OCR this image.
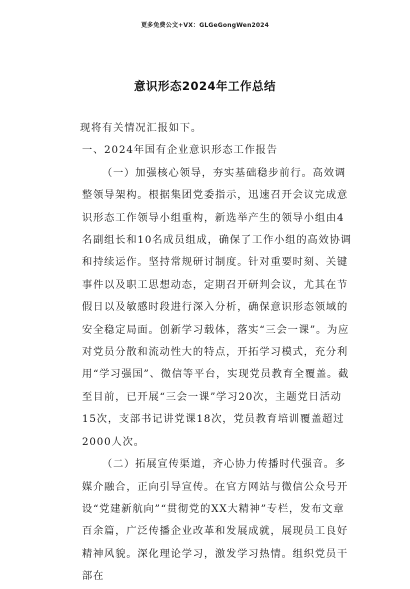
更多免费公文+VX：GLGeGongWen2024
意识形态2024年工作总结

现将有关情况汇报如下。

一、2024年国有企业意识形态工作报告

（一）加强核心领导，夯实基础稳步前行。高效调整领导架构。根据集团党委指示，迅速召开会议完成意识形态工作领导小组重构，新选举产生的领导小组由4名副组长和10名成员组成，确保了工作小组的高效协调和持续运作。坚持常规研讨制度。针对重要时刻、关键事件以及职工思想动态，定期召开研判会议，尤其在节假日以及敏感时段进行深入分析，确保意识形态领域的安全稳定局面。创新学习载体，落实“三会一课”。为应对党员分散和流动性大的特点，开拓学习模式，充分利用“学习强国”、微信等平台，实现党员教育全覆盖。截至目前，已开展“三会一课”学习20次，主题党日活动15次，支部书记讲党课18次，党员教育培训覆盖超过2000人次。

（二）拓展宣传渠道，齐心协力传播时代强音。多媒介融合，正向引导宣传。在官方网站与微信公众号开设“党建新航向”“贯彻党的XX大精神”专栏，发布文章百余篇，广泛传播企业改革和发展成就，展现员工良好精神风貌。深化理论学习，激发学习热情。组织党员干部在
